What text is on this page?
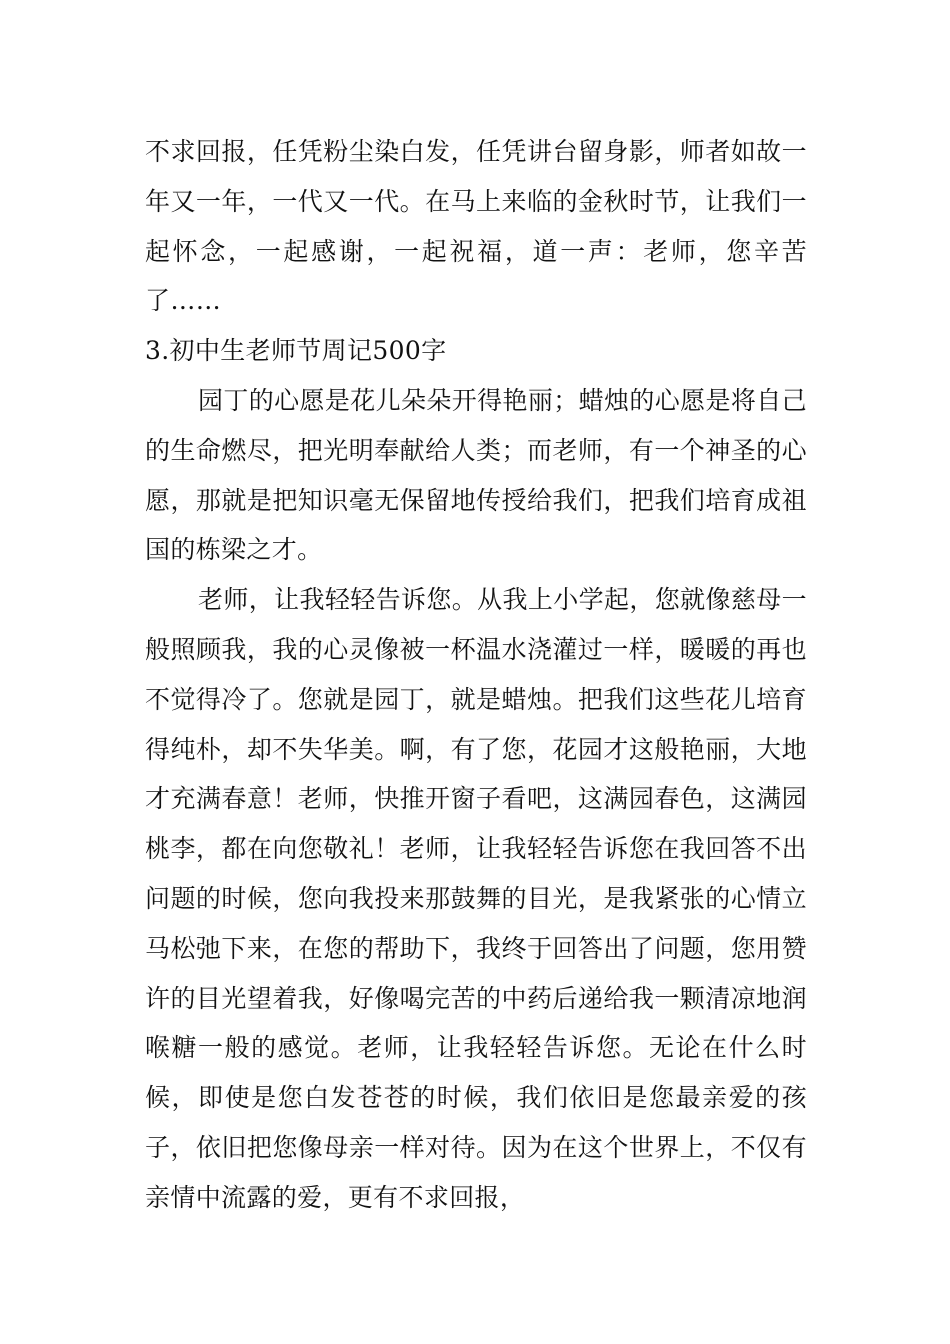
不求回报，任凭粉尘染白发，任凭讲台留身影，师者如故一年又一年，一代又一代。在马上来临的金秋时节，让我们一起怀念，一起感谢，一起祝福，道一声：老师，您辛苦了……

3.初中生老师节周记500字

园丁的心愿是花儿朵朵开得艳丽；蜡烛的心愿是将自己的生命燃尽，把光明奉献给人类；而老师，有一个神圣的心愿，那就是把知识毫无保留地传授给我们，把我们培育成祖国的栋梁之才。

老师，让我轻轻告诉您。从我上小学起，您就像慈母一般照顾我，我的心灵像被一杯温水浇灌过一样，暖暖的再也不觉得冷了。您就是园丁，就是蜡烛。把我们这些花儿培育得纯朴，却不失华美。啊，有了您，花园才这般艳丽，大地才充满春意！老师，快推开窗子看吧，这满园春色，这满园桃李，都在向您敬礼！老师，让我轻轻告诉您在我回答不出问题的时候，您向我投来那鼓舞的目光，是我紧张的心情立马松弛下来，在您的帮助下，我终于回答出了问题，您用赞许的目光望着我，好像喝完苦的中药后递给我一颗清凉地润喉糖一般的感觉。老师，让我轻轻告诉您。无论在什么时候，即使是您白发苍苍的时候，我们依旧是您最亲爱的孩子，依旧把您像母亲一样对待。因为在这个世界上，不仅有亲情中流露的爱，更有不求回报，
